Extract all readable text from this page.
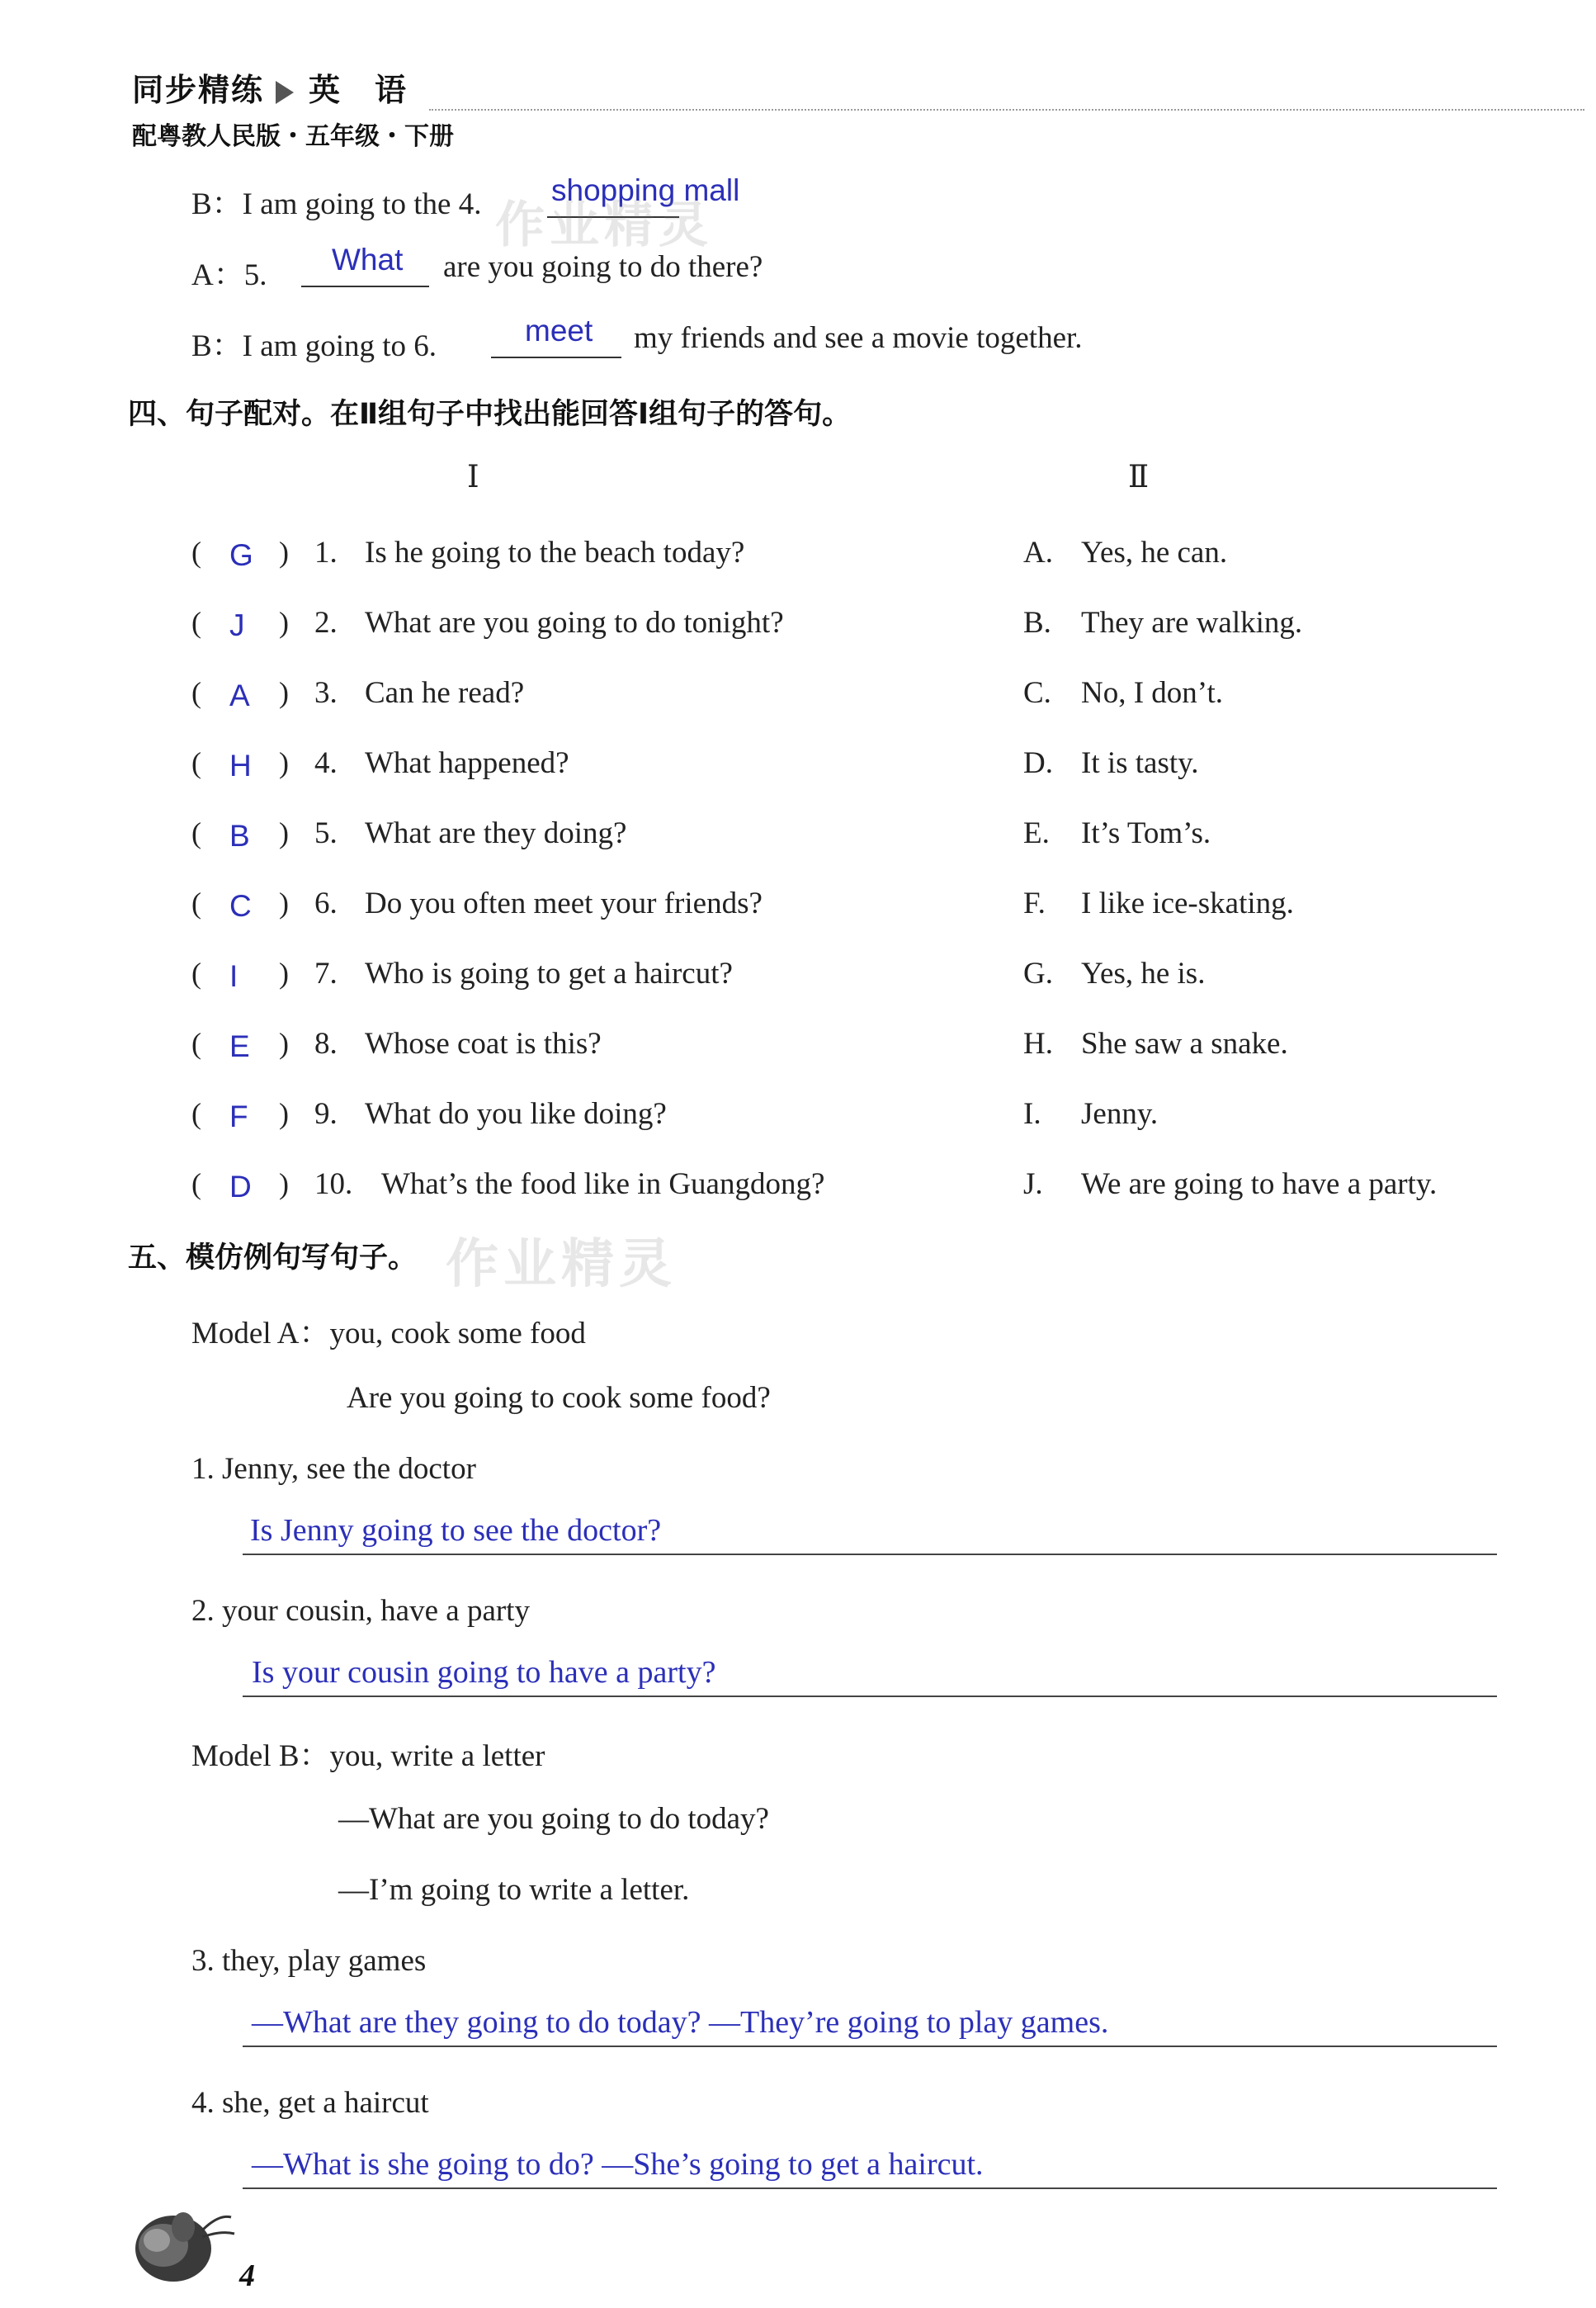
同步精练 英　语
配粤教人民版・五年级・下册
B：I am going to the 4. shopping mall
A：5. What are you going to do there?
B：I am going to 6.	meet my friends and see a movie together.
四、句子配对。在Ⅱ组句子中找出能回答Ⅰ组句子的答句。
Ⅰ	Ⅱ
( G ) 1. Is he going to the beach today?	A. Yes, he can.
( J ) 2. What are you going to do tonight?	B. They are walking.
( A ) 3. Can he read?	C. No, I don’t.
( H ) 4. What happened?	D. It is tasty.
( B ) 5. What are they doing?	E. It’s Tom’s.
( C ) 6. Do you often meet your friends?	F. I like ice-skating.
( I ) 7. Who is going to get a haircut?	G. Yes, he is.
( E ) 8. Whose coat is this?	H. She saw a snake.
( F ) 9. What do you like doing?	I. Jenny.
( D ) 10. What’s the food like in Guangdong?	J. We are going to have a party.
五、模仿例句写句子。 作业精灵
作业精灵
Model A：you, cook some food
Are you going to cook some food?
1. Jenny, see the doctor
Is Jenny going to see the doctor?
2. your cousin, have a party
Is your cousin going to have a party?
Model B：you, write a letter
—What are you going to do today?
—I’m going to write a letter.
3. they, play games
—What are they going to do today? —They’re going to play games.
4. she, get a haircut
—What is she going to do? —She’s going to get a haircut.
4
